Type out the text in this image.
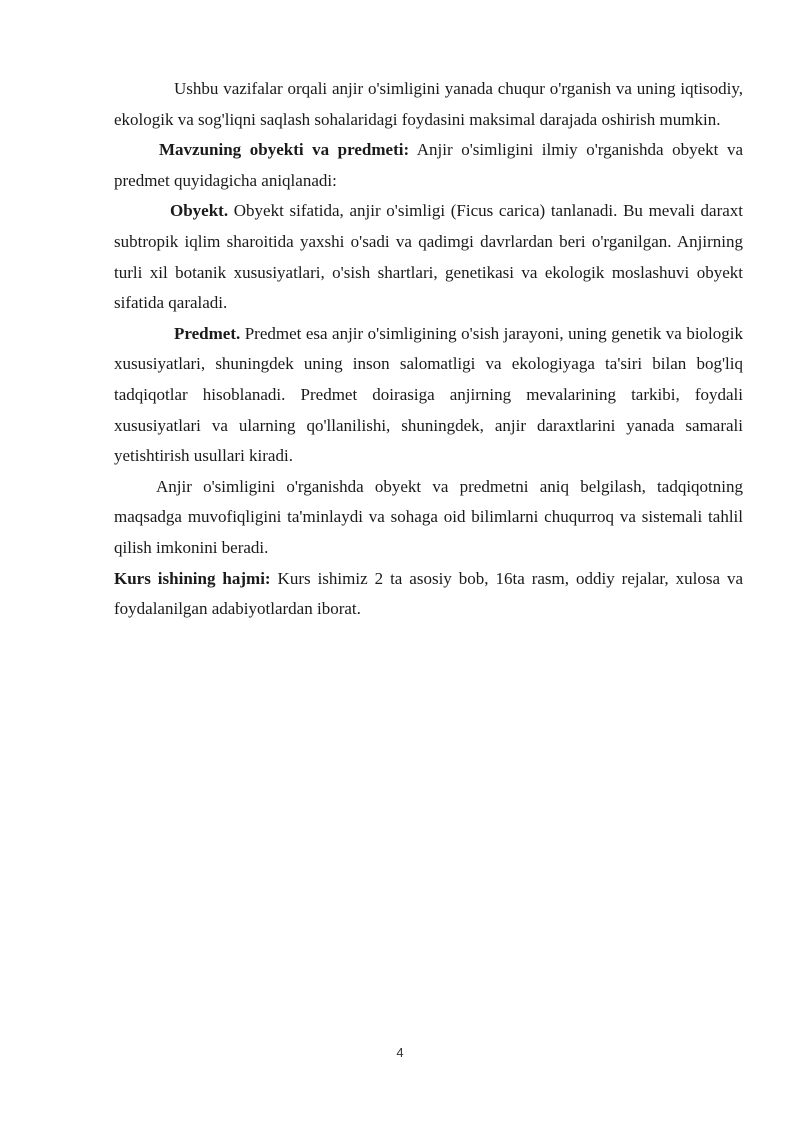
Ushbu vazifalar orqali anjir o'simligini yanada chuqur o'rganish va uning iqtisodiy, ekologik va sog'liqni saqlash sohalaridagi foydasini maksimal darajada oshirish mumkin.

Mavzuning obyekti va predmeti: Anjir o'simligini ilmiy o'rganishda obyekt va predmet quyidagicha aniqlanadi:

Obyekt. Obyekt sifatida, anjir o'simligi (Ficus carica) tanlanadi. Bu mevali daraxt subtropik iqlim sharoitida yaxshi o'sadi va qadimgi davrlardan beri o'rganilgan. Anjirning turli xil botanik xususiyatlari, o'sish shartlari, genetikasi va ekologik moslashuvi obyekt sifatida qaraladi.

Predmet. Predmet esa anjir o'simligining o'sish jarayoni, uning genetik va biologik xususiyatlari, shuningdek uning inson salomatligi va ekologiyaga ta'siri bilan bog'liq tadqiqotlar hisoblanadi. Predmet doirasiga anjirning mevalarining tarkibi, foydali xususiyatlari va ularning qo'llanilishi, shuningdek, anjir daraxtlarini yanada samarali yetishtirish usullari kiradi.

Anjir o'simligini o'rganishda obyekt va predmetni aniq belgilash, tadqiqotning maqsadga muvofiqligini ta'minlaydi va sohaga oid bilimlarni chuqurroq va sistemali tahlil qilish imkonini beradi.

Kurs ishining hajmi: Kurs ishimiz 2 ta asosiy bob, 16ta rasm, oddiy rejalar, xulosa va foydalanilgan adabiyotlardan iborat.

4
